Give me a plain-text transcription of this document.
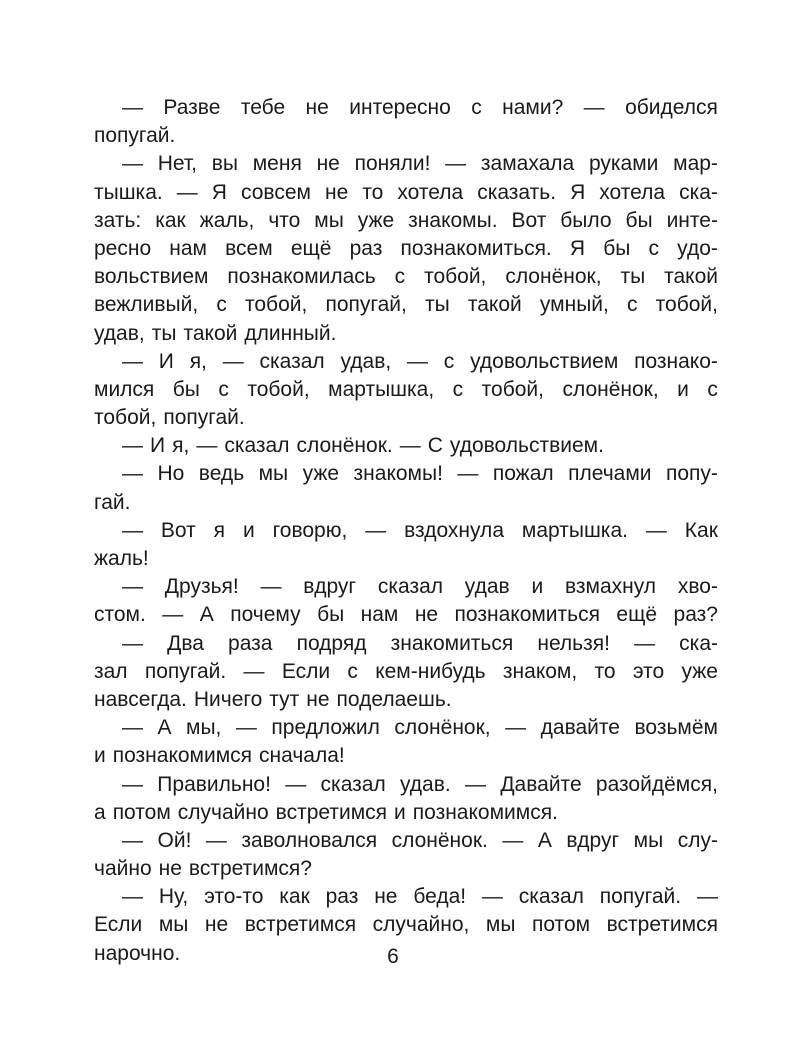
— Разве тебе не интересно с нами? — обиделся
попугай.
— Нет, вы меня не поняли! — замахала руками мар-
тышка. — Я совсем не то хотела сказать. Я хотела ска-
зать: как жаль, что мы уже знакомы. Вот было бы инте-
ресно нам всем ещё раз познакомиться. Я бы с удо-
вольствием познакомилась с тобой, слонёнок, ты такой
вежливый, с тобой, попугай, ты такой умный, с тобой,
удав, ты такой длинный.
— И я, — сказал удав, — с удовольствием познако-
мился бы с тобой, мартышка, с тобой, слонёнок, и с
тобой, попугай.
— И я, — сказал слонёнок. — С удовольствием.
— Но ведь мы уже знакомы! — пожал плечами попу-
гай.
— Вот я и говорю, — вздохнула мартышка. — Как
жаль!
— Друзья! — вдруг сказал удав и взмахнул хво-
стом. — А почему бы нам не познакомиться ещё раз?
— Два раза подряд знакомиться нельзя! — ска-
зал попугай. — Если с кем-нибудь знаком, то это уже
навсегда. Ничего тут не поделаешь.
— А мы, — предложил слонёнок, — давайте возьмём
и познакомимся сначала!
— Правильно! — сказал удав. — Давайте разойдёмся,
а потом случайно встретимся и познакомимся.
— Ой! — заволновался слонёнок. — А вдруг мы слу-
чайно не встретимся?
— Ну, это-то как раз не беда! — сказал попугай. —
Если мы не встретимся случайно, мы потом встретимся
нарочно.	6
